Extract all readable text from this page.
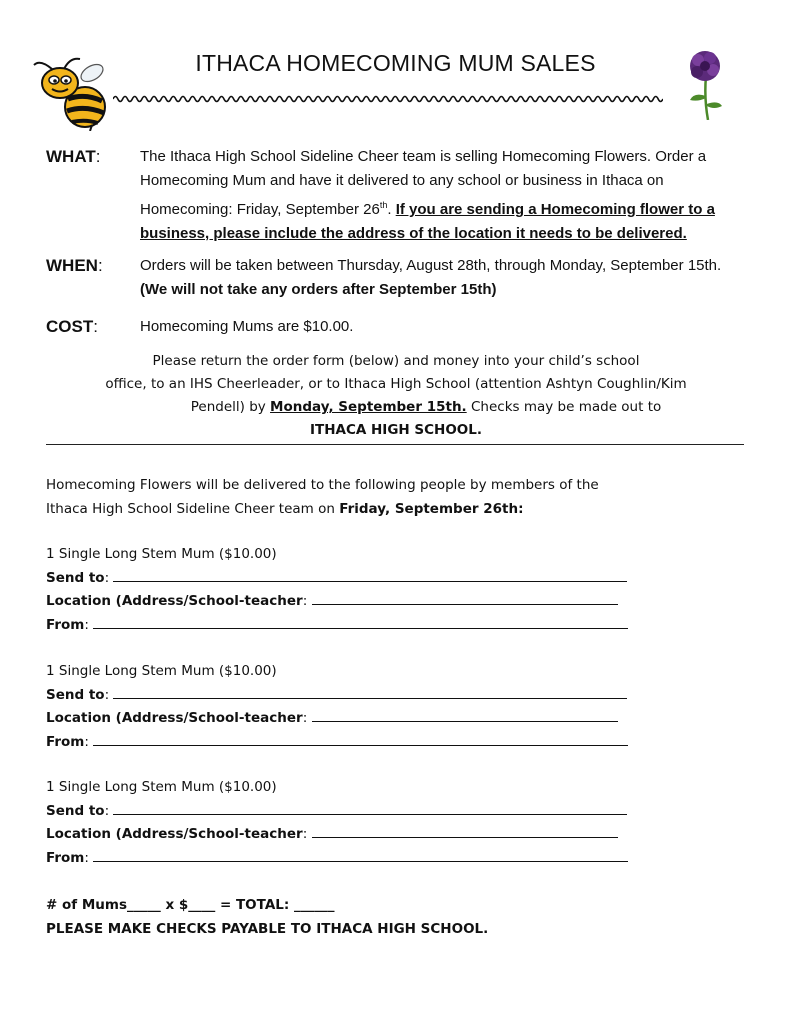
ITHACA HOMECOMING MUM SALES
WHAT:	The Ithaca High School Sideline Cheer team is selling Homecoming Flowers. Order a Homecoming Mum and have it delivered to any school or business in Ithaca on Homecoming: Friday, September 26th. If you are sending a Homecoming flower to a business, please include the address of the location it needs to be delivered.
WHEN: Orders will be taken between Thursday, August 28th, through Monday, September 15th. (We will not take any orders after September 15th)
COST:	Homecoming Mums are $10.00.
Please return the order form (below) and money into your child’s school
office, to an IHS Cheerleader, or to Ithaca High School (attention Ashtyn Coughlin/Kim
Pendell) by Monday, September 15th. Checks may be made out to
ITHACA HIGH SCHOOL.
Homecoming Flowers will be delivered to the following people by members of the
Ithaca High School Sideline Cheer team on Friday, September 26th:
1 Single Long Stem Mum ($10.00)
Send to:
Location (Address/School-teacher:
From:
1 Single Long Stem Mum ($10.00)
Send to:
Location (Address/School-teacher:
From:
1 Single Long Stem Mum ($10.00)
Send to:
Location (Address/School-teacher:
From:
# of Mums_____ x $____ = TOTAL: ______
PLEASE MAKE CHECKS PAYABLE TO ITHACA HIGH SCHOOL.
